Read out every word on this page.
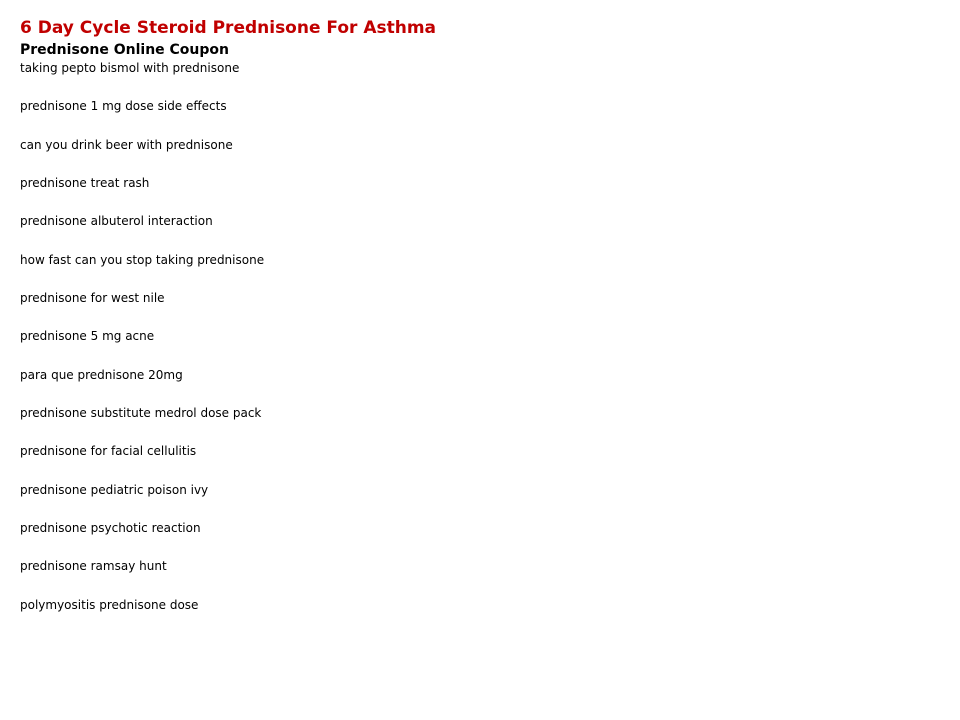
6 Day Cycle Steroid Prednisone For Asthma
Prednisone Online Coupon
taking pepto bismol with prednisone
prednisone 1 mg dose side effects
can you drink beer with prednisone
prednisone treat rash
prednisone albuterol interaction
how fast can you stop taking prednisone
prednisone for west nile
prednisone 5 mg acne
para que prednisone 20mg
prednisone substitute medrol dose pack
prednisone for facial cellulitis
prednisone pediatric poison ivy
prednisone psychotic reaction
prednisone ramsay hunt
polymyositis prednisone dose
